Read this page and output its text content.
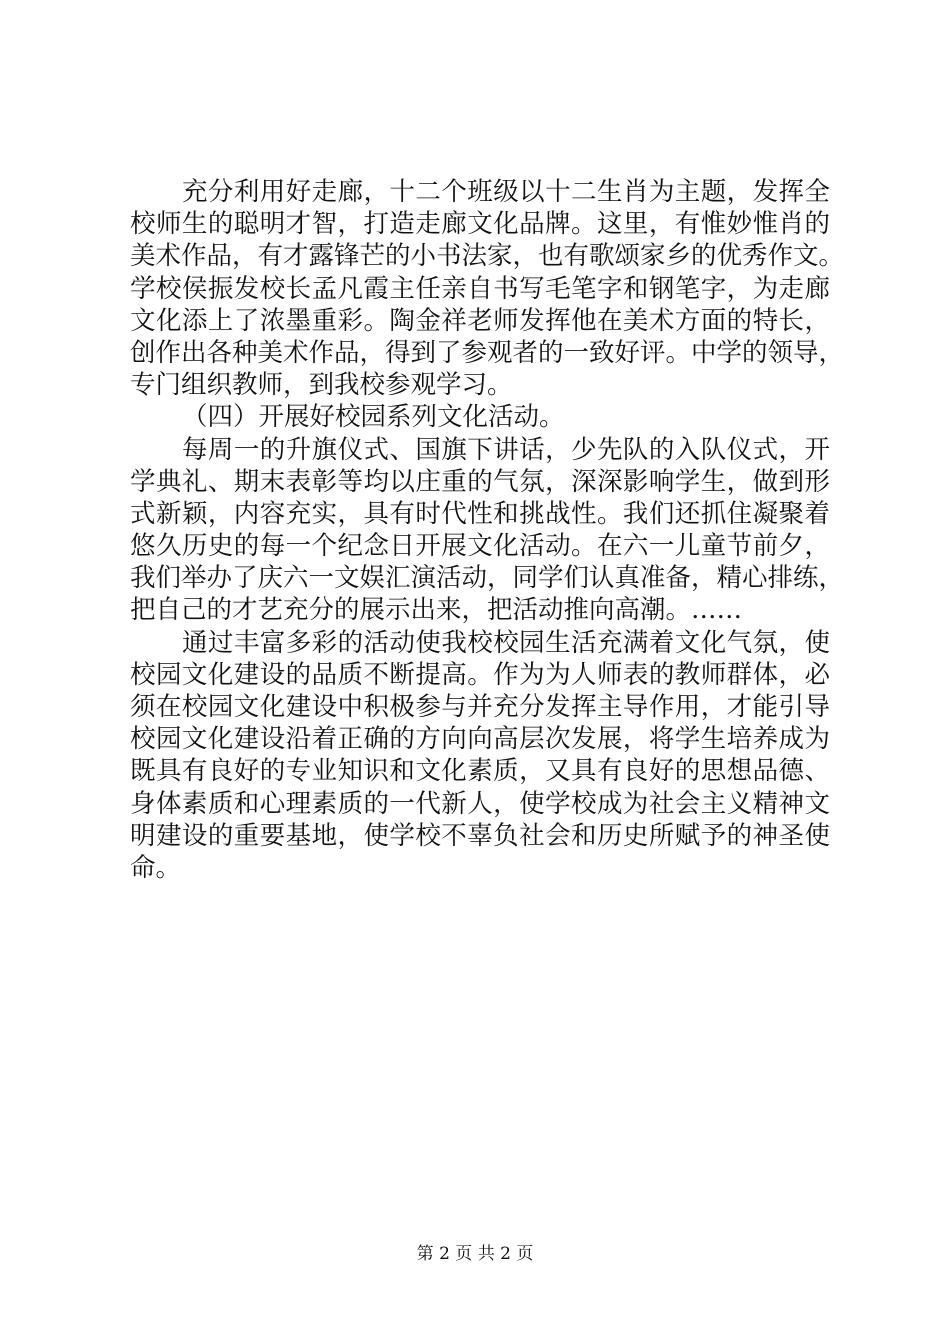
充分利用好走廊，十二个班级以十二生肖为主题，发挥全
校师生的聪明才智，打造走廊文化品牌。这里，有惟妙惟肖的
美术作品，有才露锋芒的小书法家，也有歌颂家乡的优秀作文。
学校侯振发校长孟凡霞主任亲自书写毛笔字和钢笔字，为走廊
文化添上了浓墨重彩。陶金祥老师发挥他在美术方面的特长，
创作出各种美术作品，得到了参观者的一致好评。中学的领导，
专门组织教师，到我校参观学习。
（四）开展好校园系列文化活动。
每周一的升旗仪式、国旗下讲话，少先队的入队仪式，开
学典礼、期末表彰等均以庄重的气氛，深深影响学生，做到形
式新颖，内容充实，具有时代性和挑战性。我们还抓住凝聚着
悠久历史的每一个纪念日开展文化活动。在六一儿童节前夕，
我们举办了庆六一文娱汇演活动，同学们认真准备，精心排练，
把自己的才艺充分的展示出来，把活动推向高潮。……
通过丰富多彩的活动使我校校园生活充满着文化气氛，使
校园文化建设的品质不断提高。作为为人师表的教师群体，必
须在校园文化建设中积极参与并充分发挥主导作用，才能引导
校园文化建设沿着正确的方向向高层次发展，将学生培养成为
既具有良好的专业知识和文化素质，又具有良好的思想品德、
身体素质和心理素质的一代新人，使学校成为社会主义精神文
明建设的重要基地，使学校不辜负社会和历史所赋予的神圣使
命。
第 2 页 共 2 页
